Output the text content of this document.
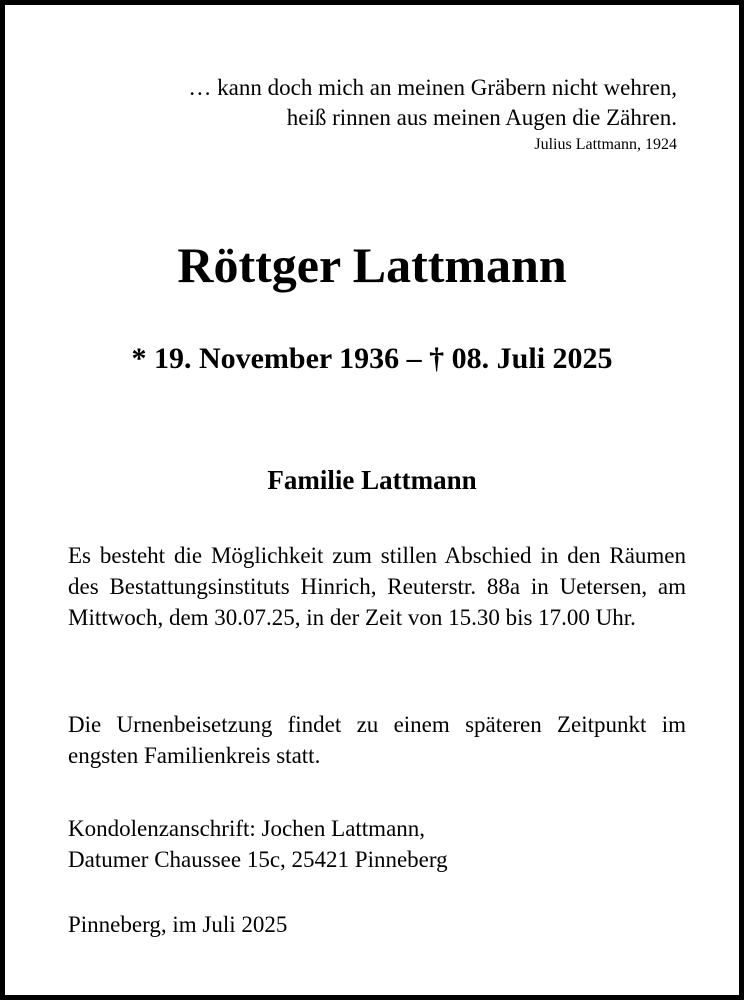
… kann doch mich an meinen Gräbern nicht wehren,
heiß rinnen aus meinen Augen die Zähren.
Julius Lattmann, 1924
Röttger Lattmann
* 19. November 1936 – † 08. Juli 2025
Familie Lattmann
Es besteht die Möglichkeit zum stillen Abschied in den Räumen des Bestattungsinstituts Hinrich, Reuterstr. 88a in Uetersen, am Mittwoch, dem 30.07.25, in der Zeit von 15.30 bis 17.00 Uhr.
Die Urnenbeisetzung findet zu einem späteren Zeitpunkt im engsten Familienkreis statt.
Kondolenzanschrift: Jochen Lattmann,
Datumer Chaussee 15c, 25421 Pinneberg
Pinneberg, im Juli 2025
